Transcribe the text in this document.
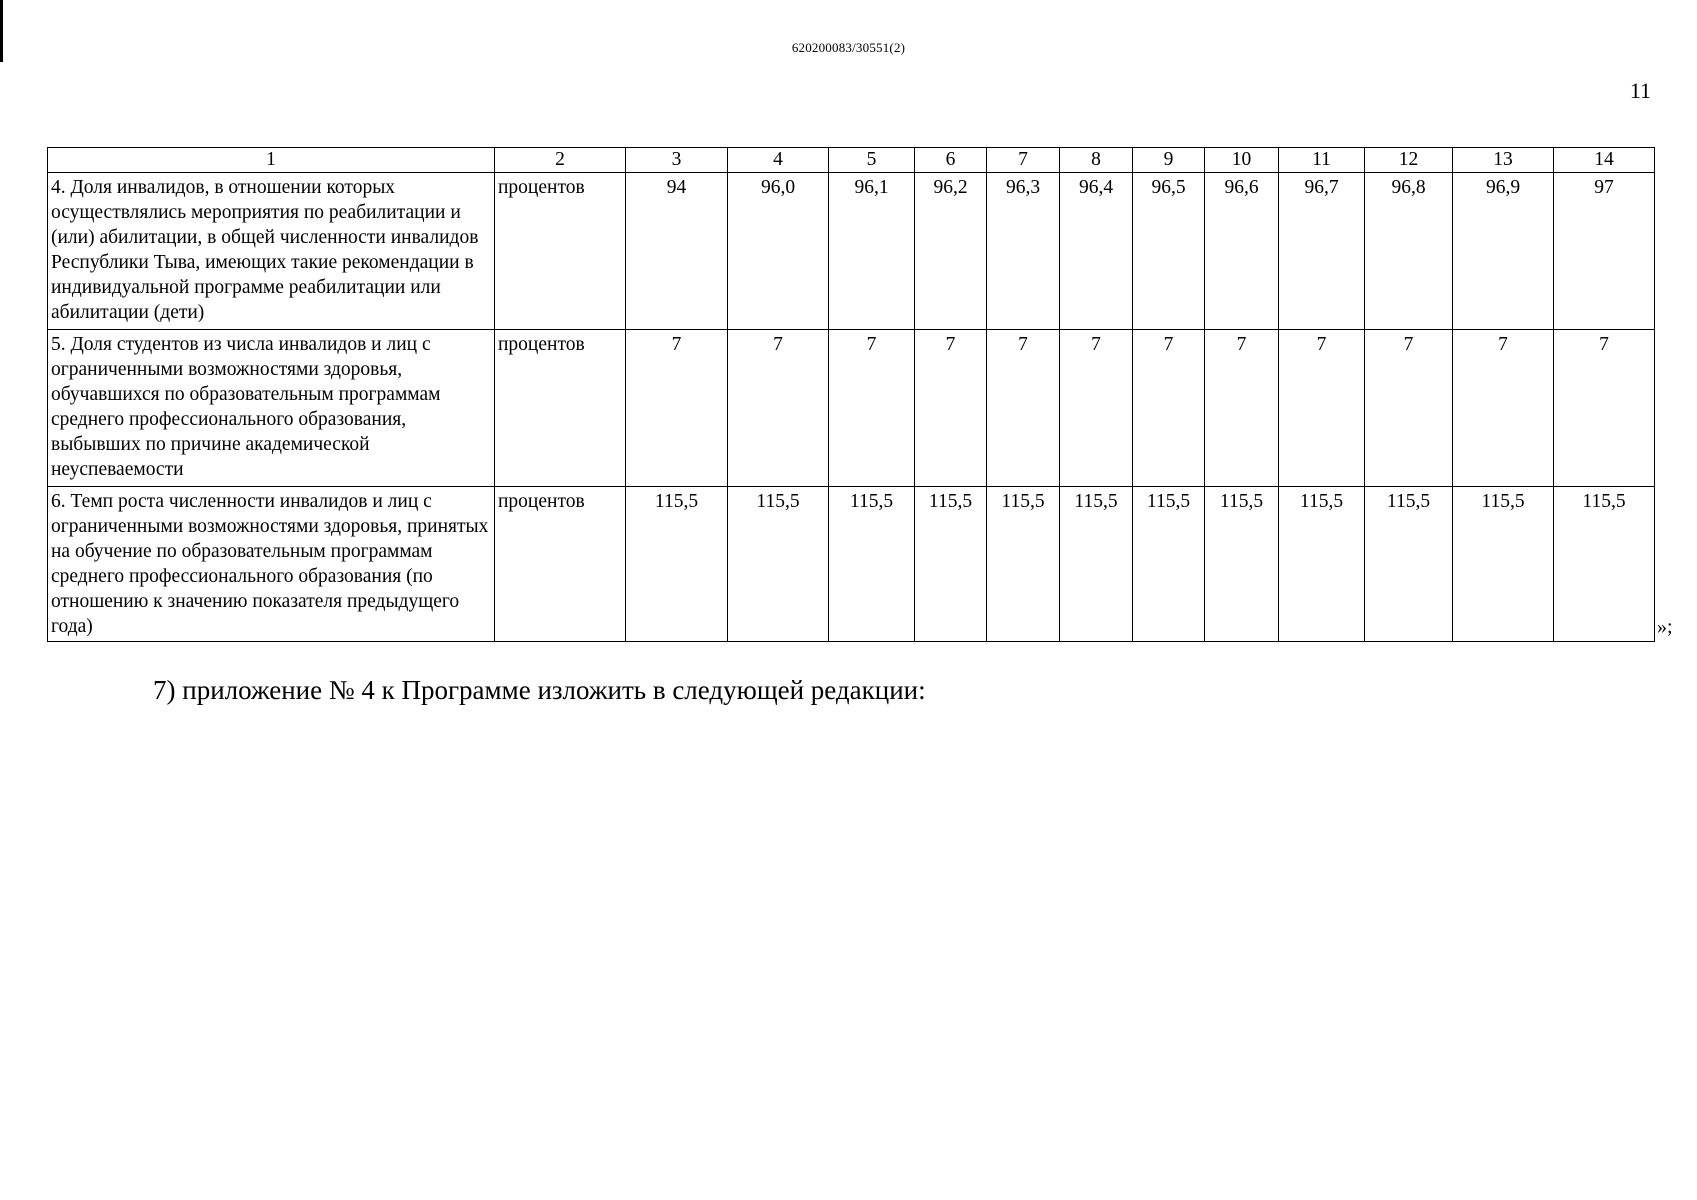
620200083/30551(2)
11
1	2	3	4	5	6	7	8	9	10	11	12	13	14
4. Доля инвалидов, в отношении которых осуществлялись мероприятия по реабилитации и (или) абилитации, в общей численности инвалидов Республики Тыва, имеющих такие рекомендации в индивидуальной программе реабилитации или абилитации (дети)	процентов	94	96,0	96,1	96,2	96,3	96,4	96,5	96,6	96,7	96,8	96,9	97
5. Доля студентов из числа инвалидов и лиц с ограниченными возможностями здоровья, обучавшихся по образовательным программам среднего профессионального образования, выбывших по причине академической неуспеваемости	процентов	7	7	7	7	7	7	7	7	7	7	7	7
6. Темп роста численности инвалидов и лиц с ограниченными возможностями здоровья, принятых на обучение по образовательным программам среднего профессионального образования (по отношению к значению показателя предыдущего года)	процентов	115,5	115,5	115,5	115,5	115,5	115,5	115,5	115,5	115,5	115,5	115,5	115,5
»;
7) приложение № 4 к Программе изложить в следующей редакции:
